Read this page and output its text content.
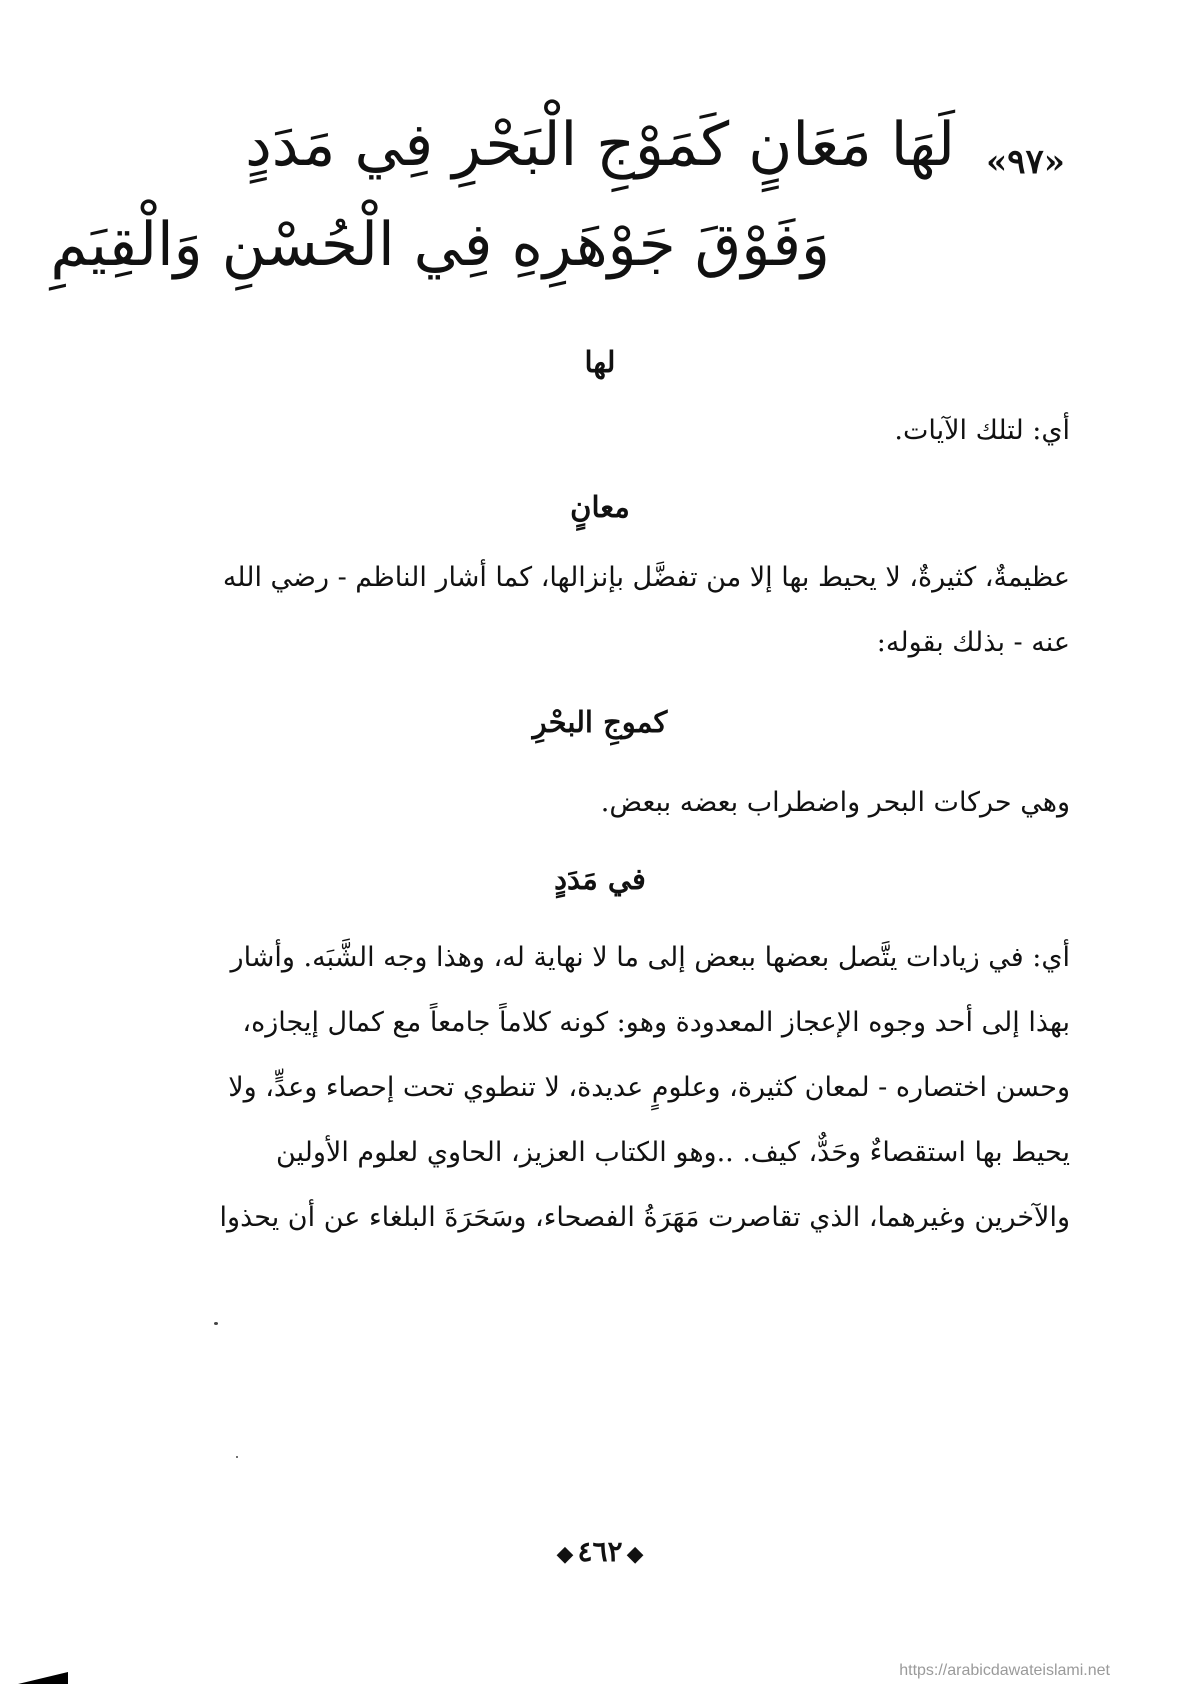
«٩٧»
لَهَا مَعَانٍ كَمَوْجِ الْبَحْرِ فِي مَدَدٍ
وَفَوْقَ جَوْهَرِهِ فِي الْحُسْنِ وَالْقِيَمِ
لها
أي: لتلك الآيات.
معانٍ
عظيمةٌ، كثيرةٌ، لا يحيط بها إلا من تفضَّل بإنزالها، كما أشار الناظم - رضي الله
عنه - بذلك بقوله:
كموجِ البحْرِ
وهي حركات البحر واضطراب بعضه ببعض.
في مَدَدٍ
أي: في زيادات يتَّصل بعضها ببعض إلى ما لا نهاية له، وهذا وجه الشَّبَه. وأشار
بهذا إلى أحد وجوه الإعجاز المعدودة وهو: كونه كلاماً جامعاً مع كمال إيجازه،
وحسن اختصاره - لمعان كثيرة، وعلومٍ عديدة، لا تنطوي تحت إحصاء وعدٍّ، ولا
يحيط بها استقصاءٌ وحَدٌّ، كيف. ..وهو الكتاب العزيز، الحاوي لعلوم الأولين
والآخرين وغيرهما، الذي تقاصرت مَهَرَةُ الفصحاء، وسَحَرَةَ البلغاء عن أن يحذوا
◆ ٤٦٢ ◆
https://arabicdawateislami.net
